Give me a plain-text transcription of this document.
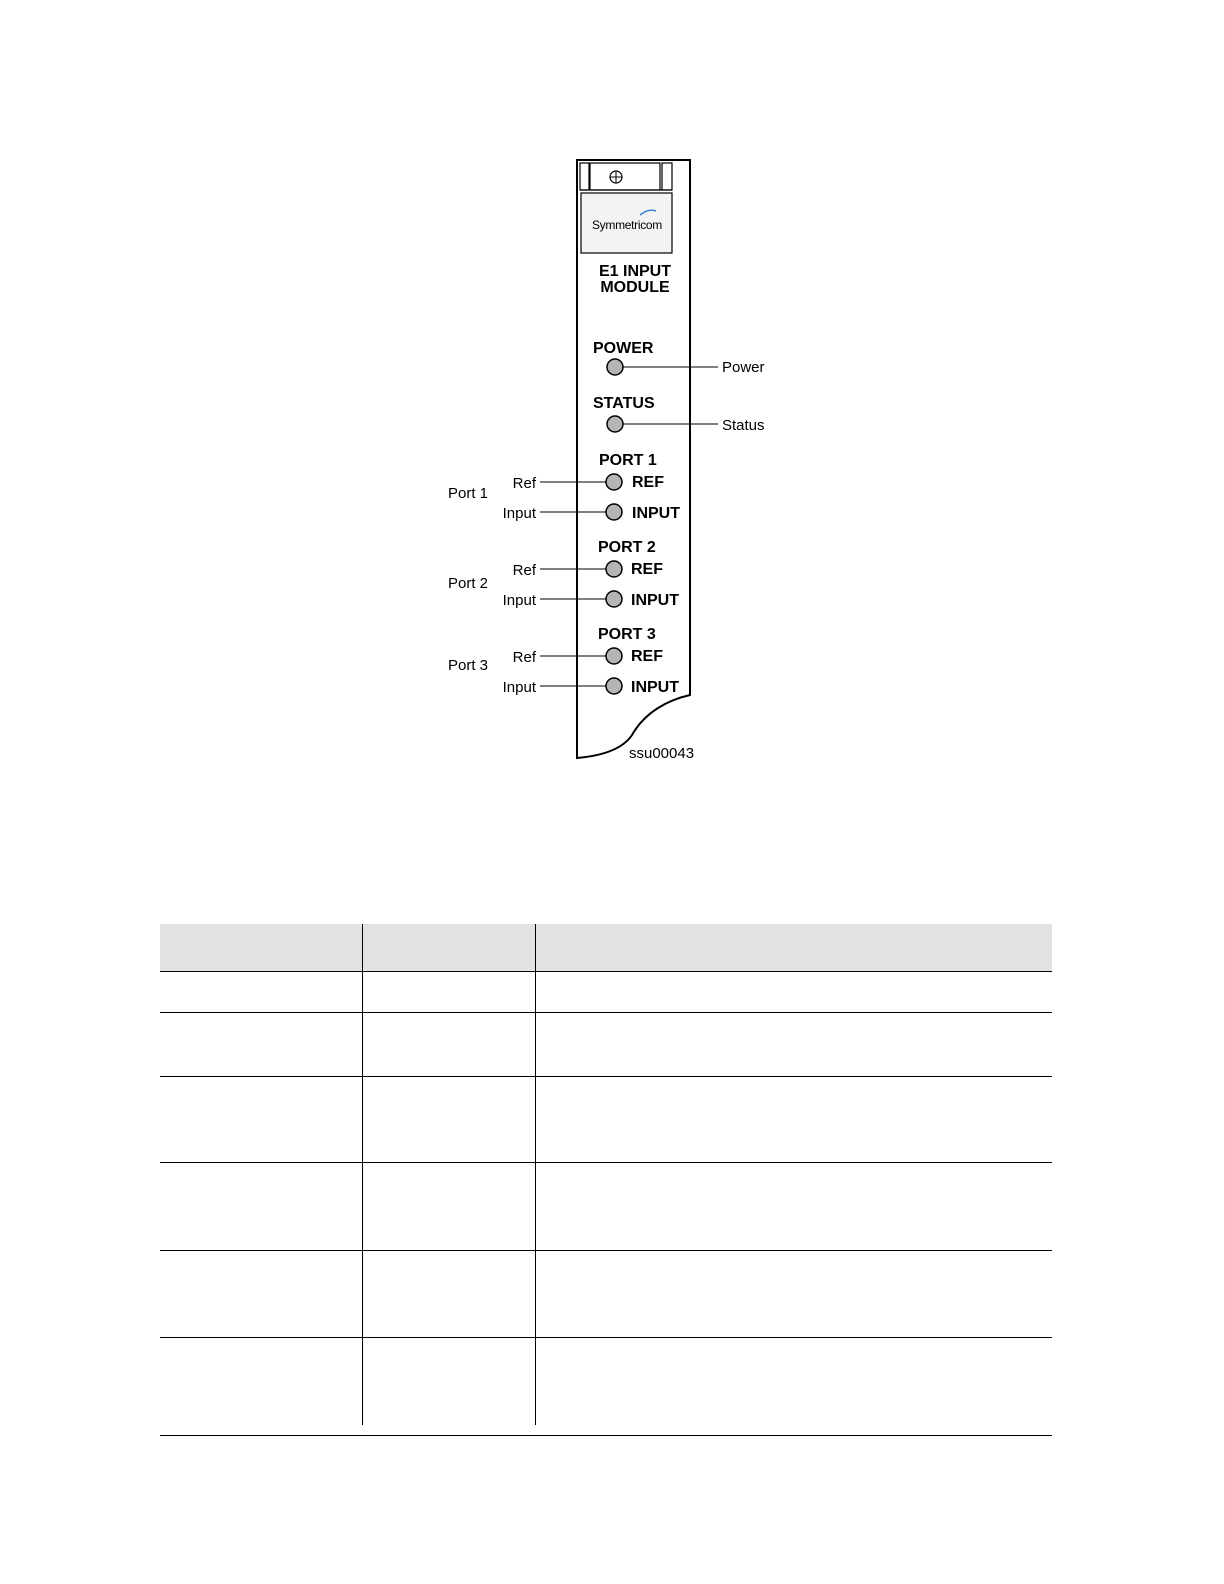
Symmetricom
E1 INPUT
MODULE
POWER
Power
STATUS
Status
PORT 1
REF
INPUT
Port 1
Ref
Input
PORT 2
REF
INPUT
Port 2
Ref
Input
PORT 3
REF
INPUT
Port 3 Ref
Input
ssu00043
